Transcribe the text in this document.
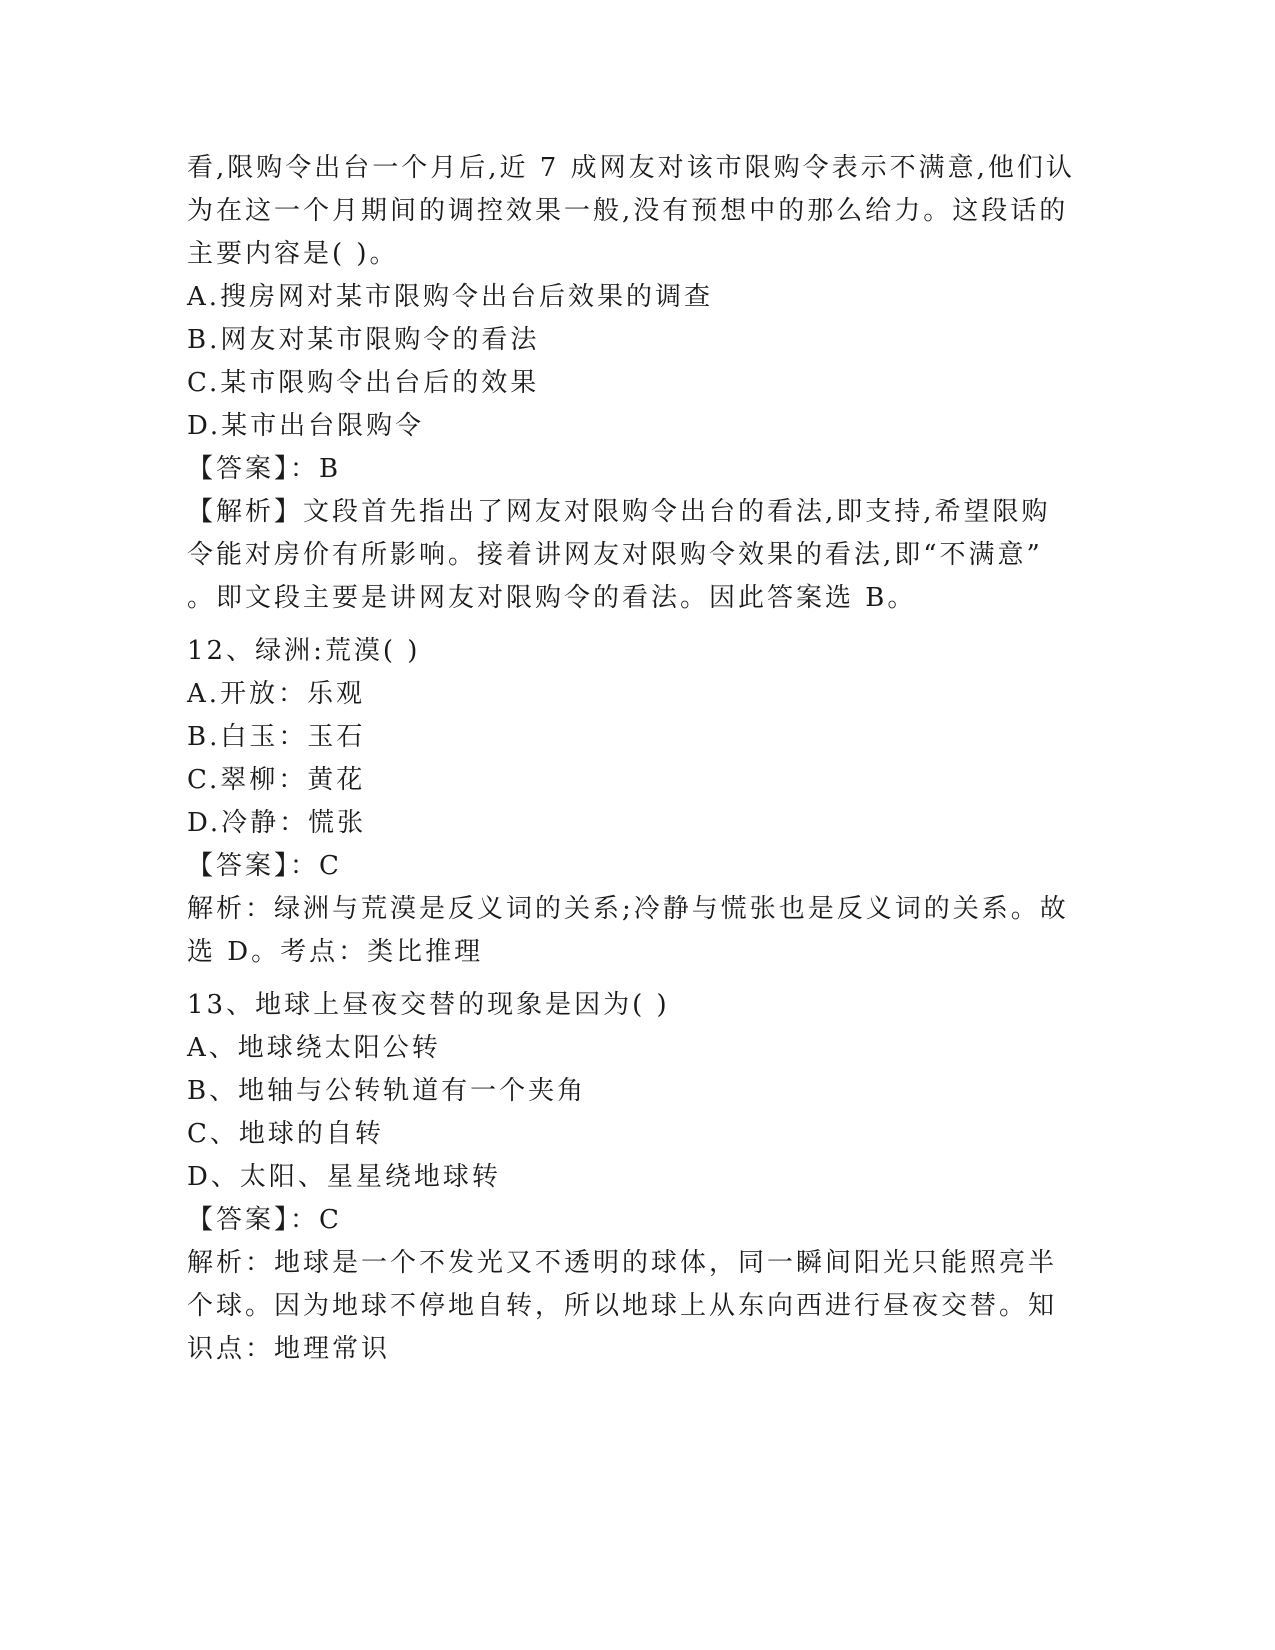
看,限购令出台一个月后,近 7 成网友对该市限购令表示不满意,他们认
为在这一个月期间的调控效果一般,没有预想中的那么给力。这段话的
主要内容是( )。
A.搜房网对某市限购令出台后效果的调查
B.网友对某市限购令的看法
C.某市限购令出台后的效果
D.某市出台限购令
【答案】：B
【解析】文段首先指出了网友对限购令出台的看法,即支持,希望限购
令能对房价有所影响。接着讲网友对限购令效果的看法,即“不满意”
。即文段主要是讲网友对限购令的看法。因此答案选 B。
12、绿洲:荒漠( )
A.开放：乐观
B.白玉：玉石
C.翠柳：黄花
D.冷静：慌张
【答案】：C
解析：绿洲与荒漠是反义词的关系;冷静与慌张也是反义词的关系。故
选 D。考点：类比推理
13、地球上昼夜交替的现象是因为( )
A、地球绕太阳公转
B、地轴与公转轨道有一个夹角
C、地球的自转
D、太阳、星星绕地球转
【答案】：C
解析：地球是一个不发光又不透明的球体，同一瞬间阳光只能照亮半
个球。因为地球不停地自转，所以地球上从东向西进行昼夜交替。知
识点：地理常识
